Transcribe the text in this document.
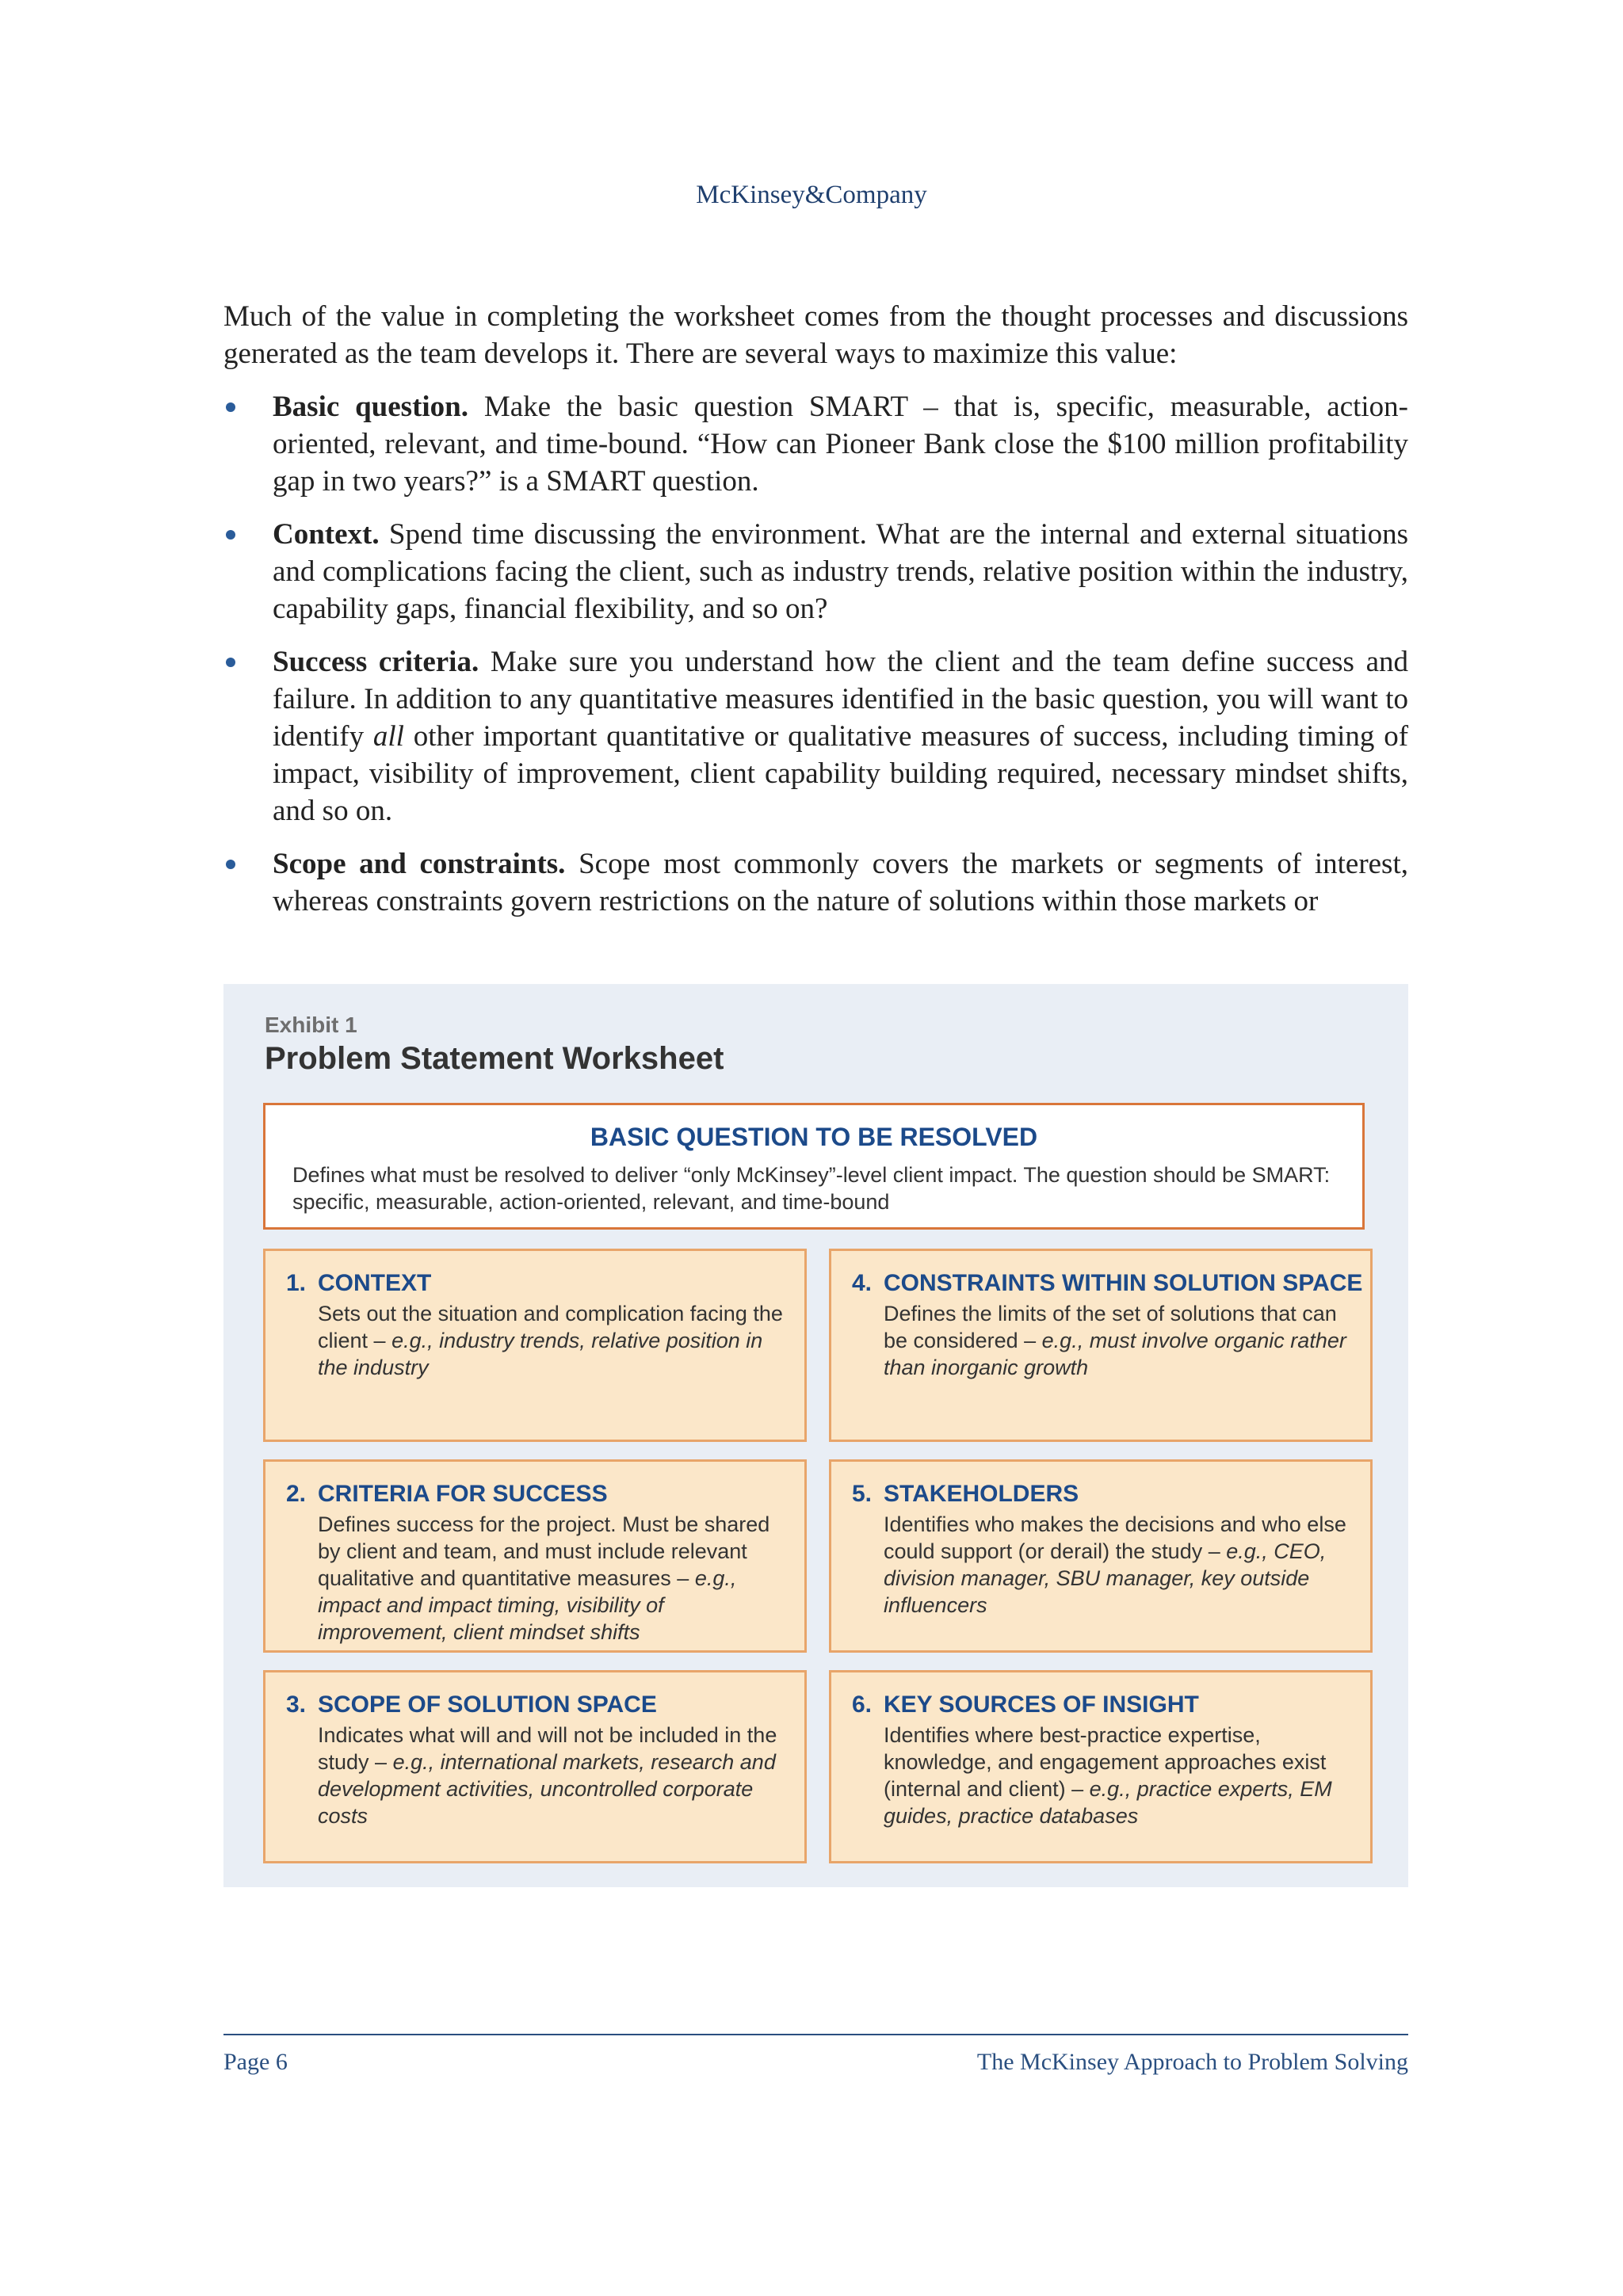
McKinsey&Company

Much of the value in completing the worksheet comes from the thought processes and discussions generated as the team develops it. There are several ways to maximize this value:

Basic question. Make the basic question SMART – that is, specific, measurable, action-oriented, relevant, and time-bound. “How can Pioneer Bank close the $100 million profitability gap in two years?” is a SMART question.
Context. Spend time discussing the environment. What are the internal and external situations and complications facing the client, such as industry trends, relative position within the industry, capability gaps, financial flexibility, and so on?
Success criteria. Make sure you understand how the client and the team define success and failure. In addition to any quantitative measures identified in the basic question, you will want to identify all other important quantitative or qualitative measures of success, including timing of impact, visibility of improvement, client capability building required, necessary mindset shifts, and so on.
Scope and constraints. Scope most commonly covers the markets or segments of interest, whereas constraints govern restrictions on the nature of solutions within those markets or
Exhibit 1
Problem Statement Worksheet
BASIC QUESTION TO BE RESOLVED
Defines what must be resolved to deliver “only McKinsey”-level client impact. The question should be SMART: specific, measurable, action-oriented, relevant, and time-bound
1. CONTEXT
Sets out the situation and complication facing the client – e.g., industry trends, relative position in the industry
2. CRITERIA FOR SUCCESS
Defines success for the project. Must be shared by client and team, and must include relevant qualitative and quantitative measures – e.g., impact and impact timing, visibility of improvement, client mindset shifts
3. SCOPE OF SOLUTION SPACE
Indicates what will and will not be included in the study – e.g., international markets, research and development activities, uncontrolled corporate costs
4. CONSTRAINTS WITHIN SOLUTION SPACE
Defines the limits of the set of solutions that can be considered – e.g., must involve organic rather than inorganic growth
5. STAKEHOLDERS
Identifies who makes the decisions and who else could support (or derail) the study – e.g., CEO, division manager, SBU manager, key outside influencers
6. KEY SOURCES OF INSIGHT
Identifies where best-practice expertise, knowledge, and engagement approaches exist (internal and client) – e.g., practice experts, EM guides, practice databases
Page 6	The McKinsey Approach to Problem Solving
